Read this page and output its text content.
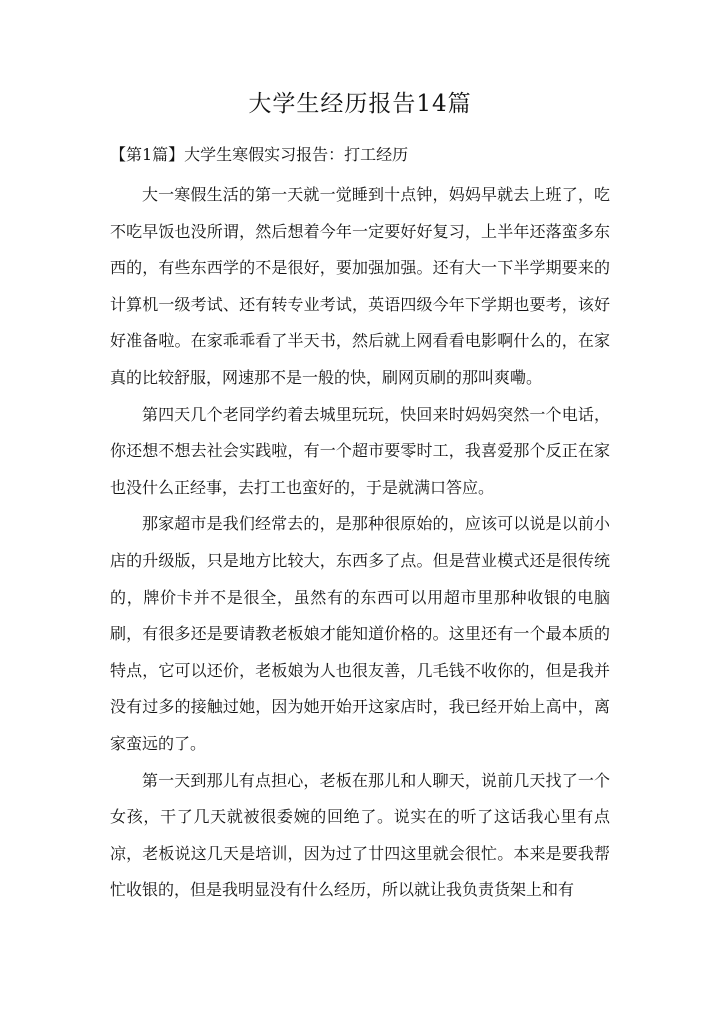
大学生经历报告14篇
【第1篇】大学生寒假实习报告：打工经历

大一寒假生活的第一天就一觉睡到十点钟，妈妈早就去上班了，吃不吃早饭也没所谓，然后想着今年一定要好好复习，上半年还落蛮多东西的，有些东西学的不是很好，要加强加强。还有大一下半学期要来的计算机一级考试、还有转专业考试，英语四级今年下学期也要考，该好好准备啦。在家乖乖看了半天书，然后就上网看看电影啊什么的，在家真的比较舒服，网速那不是一般的快，刷网页刷的那叫爽嘞。

第四天几个老同学约着去城里玩玩，快回来时妈妈突然一个电话，你还想不想去社会实践啦，有一个超市要零时工，我喜爱那个反正在家也没什么正经事，去打工也蛮好的，于是就满口答应。

那家超市是我们经常去的，是那种很原始的，应该可以说是以前小店的升级版，只是地方比较大，东西多了点。但是营业模式还是很传统的，牌价卡并不是很全，虽然有的东西可以用超市里那种收银的电脑刷，有很多还是要请教老板娘才能知道价格的。这里还有一个最本质的特点，它可以还价，老板娘为人也很友善，几毛钱不收你的，但是我并没有过多的接触过她，因为她开始开这家店时，我已经开始上高中，离家蛮远的了。

第一天到那儿有点担心，老板在那儿和人聊天，说前几天找了一个女孩，干了几天就被很委婉的回绝了。说实在的听了这话我心里有点凉，老板说这几天是培训，因为过了廿四这里就会很忙。本来是要我帮忙收银的，但是我明显没有什么经历，所以就让我负责货架上和有
